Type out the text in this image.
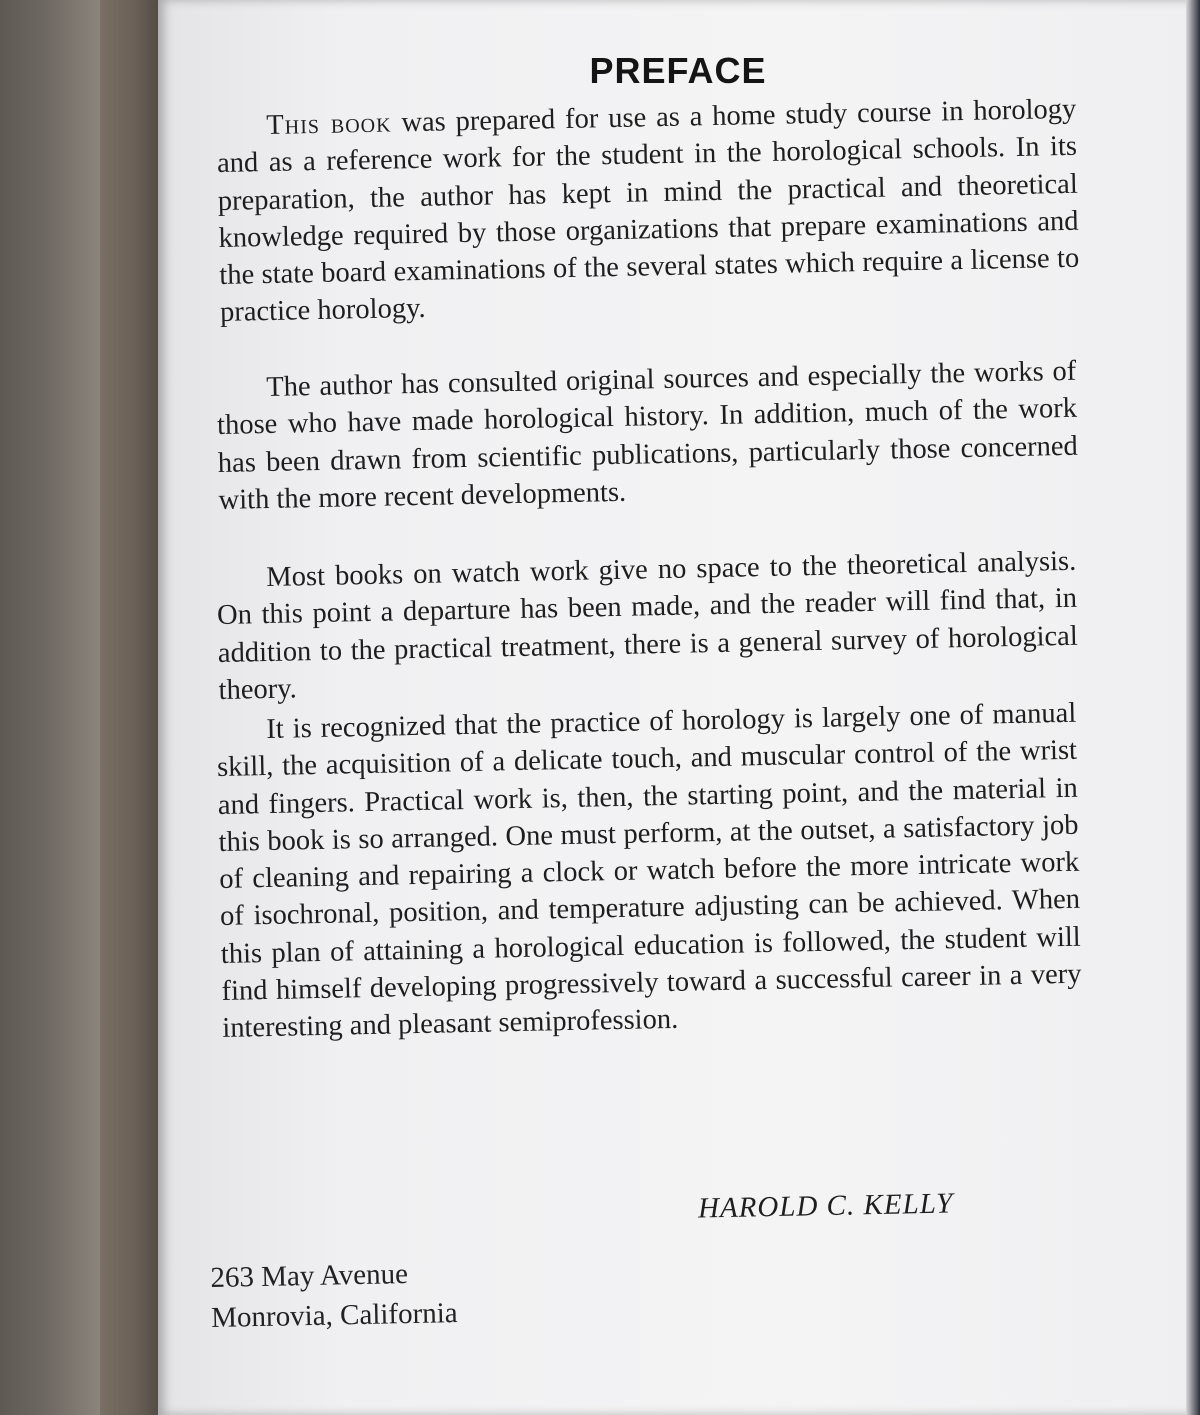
PREFACE

This book was prepared for use as a home study course in horology and as a reference work for the student in the horological schools. In its preparation, the author has kept in mind the practical and theoretical knowledge required by those organizations that prepare examinations and the state board examinations of the several states which require a license to practice horology.

The author has consulted original sources and especially the works of those who have made horological history. In addition, much of the work has been drawn from scientific publications, particularly those concerned with the more recent developments.

Most books on watch work give no space to the theoretical analysis. On this point a departure has been made, and the reader will find that, in addition to the practical treatment, there is a general survey of horological theory.

It is recognized that the practice of horology is largely one of manual skill, the acquisition of a delicate touch, and muscular control of the wrist and fingers. Practical work is, then, the starting point, and the material in this book is so arranged. One must perform, at the outset, a satisfactory job of cleaning and repairing a clock or watch before the more intricate work of isochronal, position, and temperature adjusting can be achieved. When this plan of attaining a horological education is followed, the student will find himself developing progressively toward a successful career in a very interesting and pleasant semiprofession.

HAROLD C. KELLY
263 May Avenue
Monrovia, California
